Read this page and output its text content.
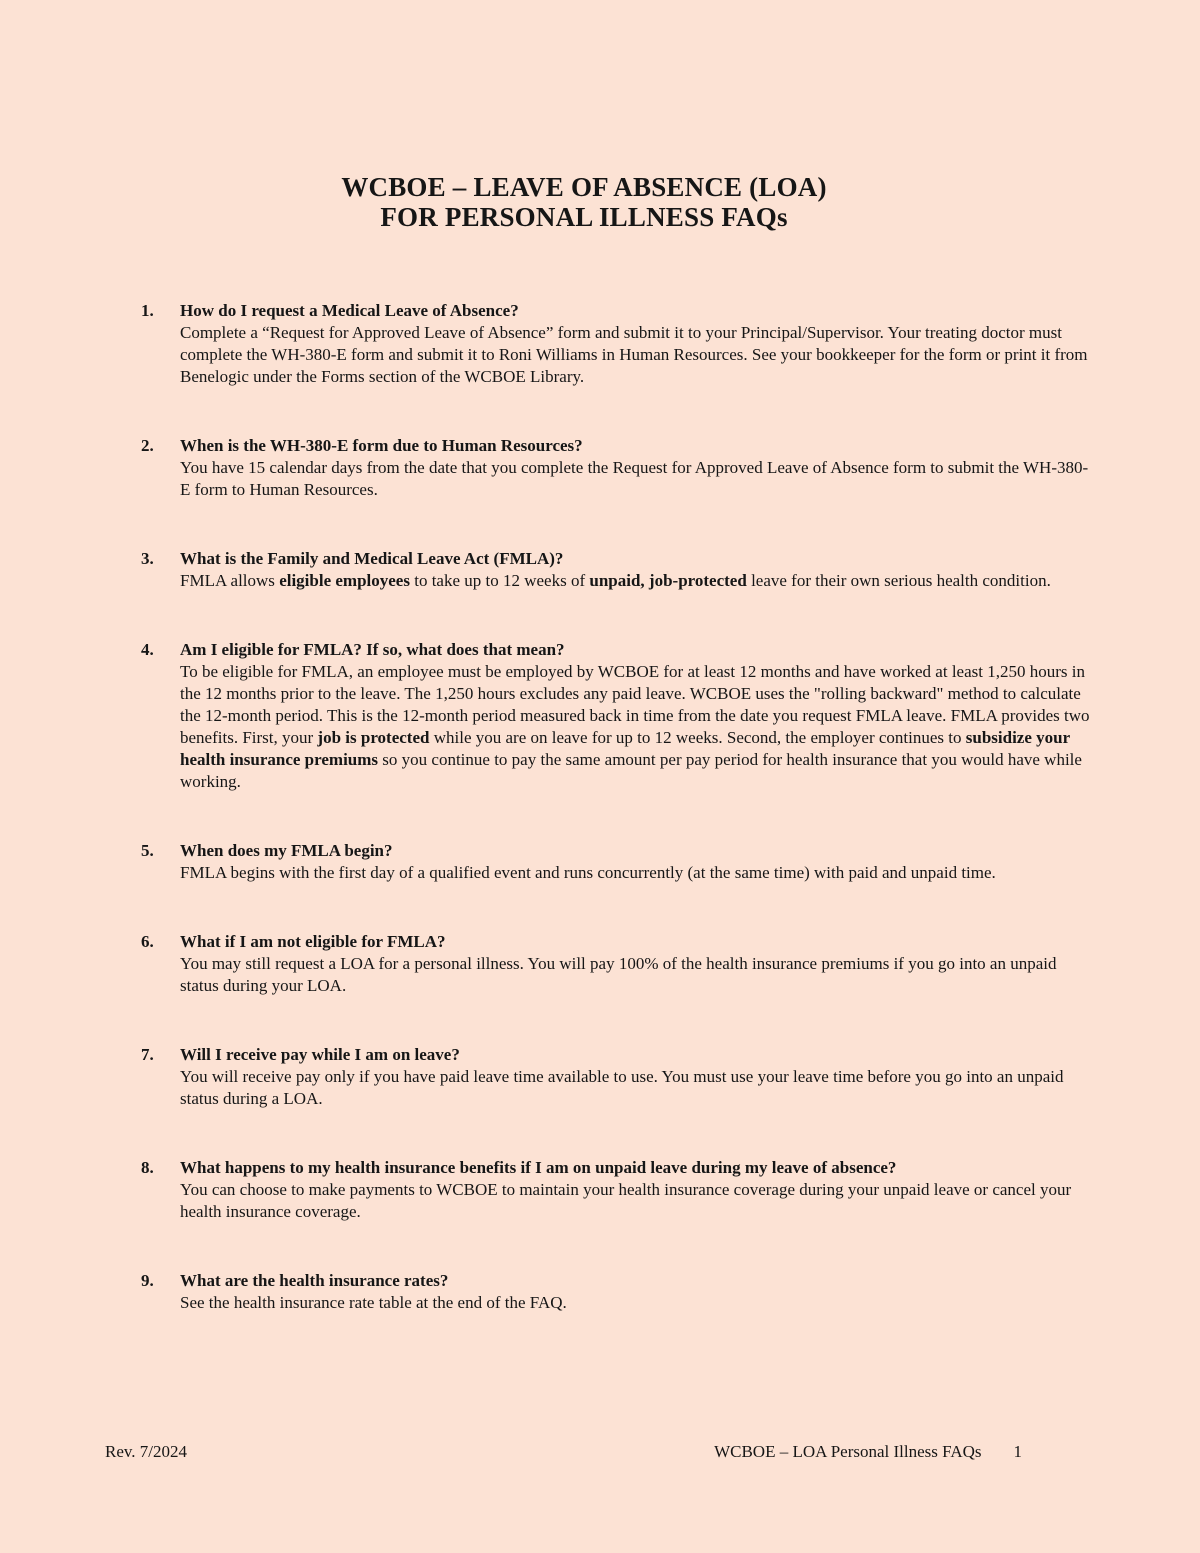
WCBOE – LEAVE OF ABSENCE (LOA)
FOR PERSONAL ILLNESS FAQs
1.	How do I request a Medical Leave of Absence?
Complete a “Request for Approved Leave of Absence” form and submit it to your Principal/Supervisor. Your treating doctor must complete the WH-380-E form and submit it to Roni Williams in Human Resources. See your bookkeeper for the form or print it from Benelogic under the Forms section of the WCBOE Library.
2.	When is the WH-380-E form due to Human Resources?
You have 15 calendar days from the date that you complete the Request for Approved Leave of Absence form to submit the WH-380-E form to Human Resources.
3.	What is the Family and Medical Leave Act (FMLA)?
FMLA allows eligible employees to take up to 12 weeks of unpaid, job-protected leave for their own serious health condition.
4.	Am I eligible for FMLA? If so, what does that mean?
To be eligible for FMLA, an employee must be employed by WCBOE for at least 12 months and have worked at least 1,250 hours in the 12 months prior to the leave. The 1,250 hours excludes any paid leave. WCBOE uses the "rolling backward" method to calculate the 12-month period. This is the 12-month period measured back in time from the date you request FMLA leave. FMLA provides two benefits. First, your job is protected while you are on leave for up to 12 weeks. Second, the employer continues to subsidize your health insurance premiums so you continue to pay the same amount per pay period for health insurance that you would have while working.
5.	When does my FMLA begin?
FMLA begins with the first day of a qualified event and runs concurrently (at the same time) with paid and unpaid time.
6.	What if I am not eligible for FMLA?
You may still request a LOA for a personal illness. You will pay 100% of the health insurance premiums if you go into an unpaid status during your LOA.
7.	Will I receive pay while I am on leave?
You will receive pay only if you have paid leave time available to use. You must use your leave time before you go into an unpaid status during a LOA.
8.	What happens to my health insurance benefits if I am on unpaid leave during my leave of absence?
You can choose to make payments to WCBOE to maintain your health insurance coverage during your unpaid leave or cancel your health insurance coverage.
9.	What are the health insurance rates?
See the health insurance rate table at the end of the FAQ.
Rev. 7/2024	WCBOE – LOA Personal Illness FAQs 1
